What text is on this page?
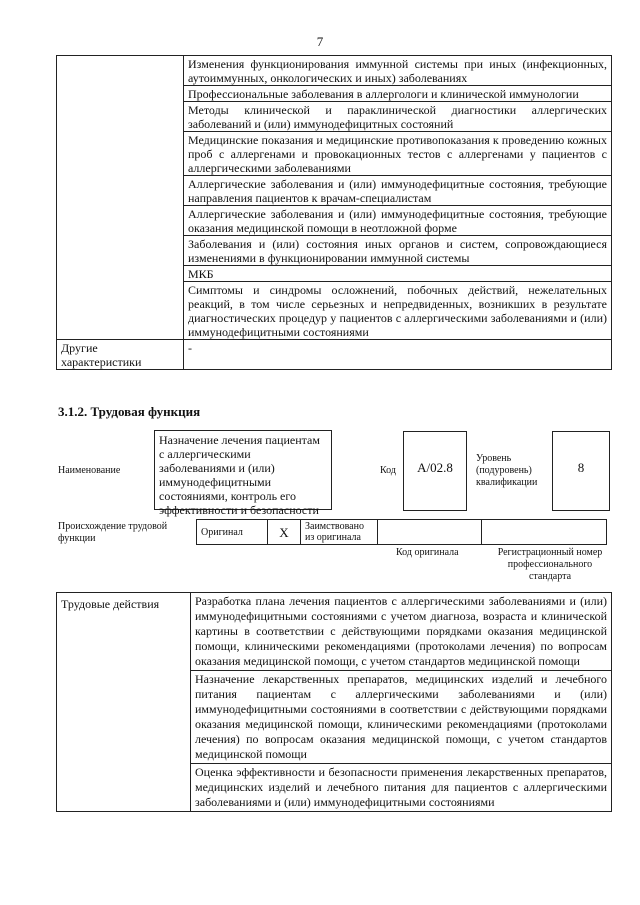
7
	Изменения функционирования иммунной системы при иных (инфекционных, аутоиммунных, онкологических и иных) заболеваниях
	Профессиональные заболевания в аллергологи и клинической иммунологии
	Методы клинической и параклинической диагностики аллергических заболеваний и (или) иммунодефицитных состояний
	Медицинские показания и медицинские противопоказания к проведению кожных проб с аллергенами и провокационных тестов с аллергенами у пациентов с аллергическими заболеваниями
	Аллергические заболевания и (или) иммунодефицитные состояния, требующие направления пациентов к врачам-специалистам
	Аллергические заболевания и (или) иммунодефицитные состояния, требующие оказания медицинской помощи в неотложной форме
	Заболевания и (или) состояния иных органов и систем, сопровождающиеся изменениями в функционировании иммунной системы
	МКБ
	Симптомы и синдромы осложнений, побочных действий, нежелательных реакций, в том числе серьезных и непредвиденных, возникших в результате диагностических процедур у пациентов с аллергическими заболеваниями и (или) иммунодефицитными состояниями
Другие характеристики	-
3.1.2. Трудовая функция
Наименование
Назначение лечения пациентам с аллергическими заболеваниями и (или) иммунодефицитными состояниями, контроль его эффективности и безопасности
Код	А/02.8
Уровень (подуровень) квалификации
8
Происхождение трудовой функции
Оригинал	X	Заимствовано из оригинала		
Код оригинала	Регистрационный номер профессионального стандарта
Трудовые действия	Разработка плана лечения пациентов с аллергическими заболеваниями и (или) иммунодефицитными состояниями с учетом диагноза, возраста и клинической картины в соответствии с действующими порядками оказания медицинской помощи, клиническими рекомендациями (протоколами лечения) по вопросам оказания медицинской помощи, с учетом стандартов медицинской помощи
Назначение лекарственных препаратов, медицинских изделий и лечебного питания пациентам с аллергическими заболеваниями и (или) иммунодефицитными состояниями в соответствии с действующими порядками оказания медицинской помощи, клиническими рекомендациями (протоколами лечения) по вопросам оказания медицинской помощи, с учетом стандартов медицинской помощи
Оценка эффективности и безопасности применения лекарственных препаратов, медицинских изделий и лечебного питания для пациентов с аллергическими заболеваниями и (или) иммунодефицитными состояниями
